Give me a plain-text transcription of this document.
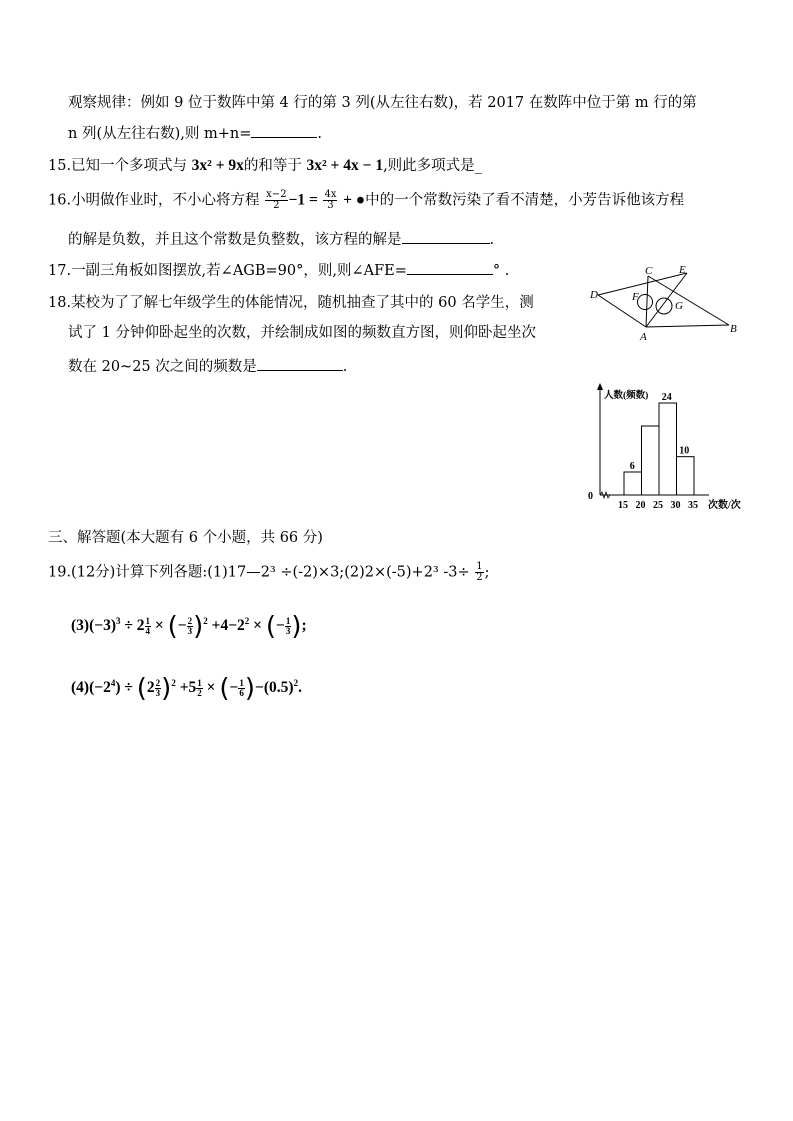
观察规律：例如 9 位于数阵中第 4 行的第 3 列(从左往右数)，若 2017 在数阵中位于第 m 行的第
n 列(从左往右数),则 m+n=	.
15.已知一个多项式与 3x² + 9x的和等于 3x² + 4x − 1,则此多项式是_
16.小明做作业时，不小心将方程 $\frac{x-2}{2} -1 = \frac{4x}{3}$ + ●中的一个常数污染了看不清楚，小芳告诉他该方程
的解是负数，并且这个常数是负整数，该方程的解是	.
17.一副三角板如图摆放,若∠AGB=90°，则,则∠AFE=	° .
18.某校为了了解七年级学生的体能情况，随机抽查了其中的 60 名学生，测
试了 1 分钟仰卧起坐的次数，并绘制成如图的频数直方图，则仰卧起坐次
数在 20~25 次之间的频数是	.
C E
D	F
G
A
B
0
人数(频数)
次数/次
6
24
10
15 20 25 30 35
三、解答题(本大题有 6 个小题，共 66 分)
19.(12分)计算下列各题:(1)17—2³ ÷(-2)×3;(2)2×(-5)+2³ $-3\div \frac{1}{2}$ ;
$(3)(-3)^3 \div 2 \frac{1}{4}$ × (− $\frac{2}{3} )^2 +4-2^2$ × (− $\frac{1}{3}$ );
$(4)(-2^4) \div (2 \frac{2}{3} )^2 +5 \frac{1}{2}$ × (− $\frac{1}{6} )-(0.5)^2$.
